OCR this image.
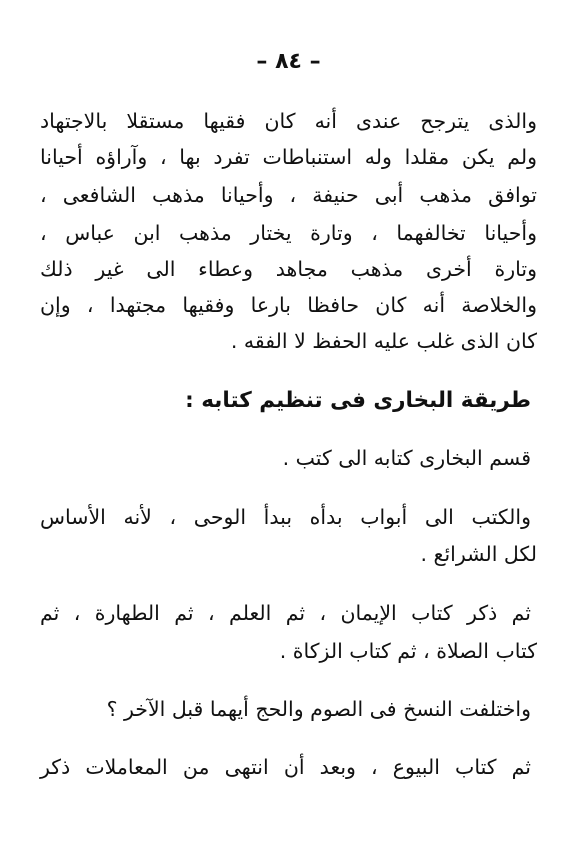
– ٨٤ –
والذى يترجح عندى أنه كان فقيها مستقلا بالاجتهاد
ولم يكن مقلدا وله استنباطات تفرد بها ، وآراؤه أحيانا
توافق مذهب أبى حنيفة ، وأحيانا مذهب الشافعى ،
وأحيانا تخالفهما ، وتارة يختار مذهب ابن عباس ،
وتارة أخرى مذهب مجاهد وعطاء الى غير ذلك
والخلاصة أنه كان حافظا بارعا وفقيها مجتهدا ، وإن
كان الذى غلب عليه الحفظ لا الفقه .
طريقة البخارى فى تنظيم كتابه :
قسم البخارى كتابه الى كتب .
والكتب الى أبواب بدأه ببدأ الوحى ، لأنه الأساس
لكل الشرائع .
ثم ذكر كتاب الإيمان ، ثم العلم ، ثم الطهارة ، ثم
كتاب الصلاة ، ثم كتاب الزكاة .
واختلفت النسخ فى الصوم والحج أيهما قبل الآخر ؟
ثم كتاب البيوع ، وبعد أن انتهى من المعاملات ذكر
